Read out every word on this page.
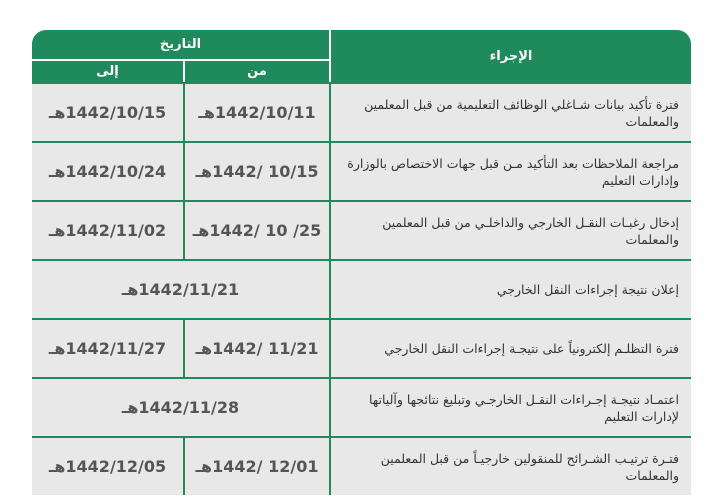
الإجراء	التاريخ	
	من	إلى
فترة تأكيد بيانات شـاغلي الوظائف التعليمية من قبل المعلمين والمعلمات	1442/10/11هـ	1442/10/15هـ
مراجعة الملاحظات بعد التأكيد مـن قبل جهات الاختصاص بالوزارة وإدارات التعليم	10/15 /1442هـ	1442/10/24هـ
إدخال رغبـات النقـل الخارجي والداخلـي من قبل المعلمين والمعلمات	25/ 10 /1442هـ	1442/11/02هـ
إعلان نتيجة إجراءات النقل الخارجي	1442/11/21هـ	
فترة التظلـم إلكترونياً على نتيجـة إجراءات النقل الخارجي	11/21 /1442هـ	1442/11/27هـ
اعتمـاد نتيجـة إجـراءات النقـل الخارجـي وتبليغ نتائجها وآلياتها لإدارات التعليم	1442/11/28هـ	
فتـرة ترتيـب الشـرائح للمنقولين خارجيـاً من قبل المعلمين والمعلمات	12/01 /1442هـ	1442/12/05هـ
